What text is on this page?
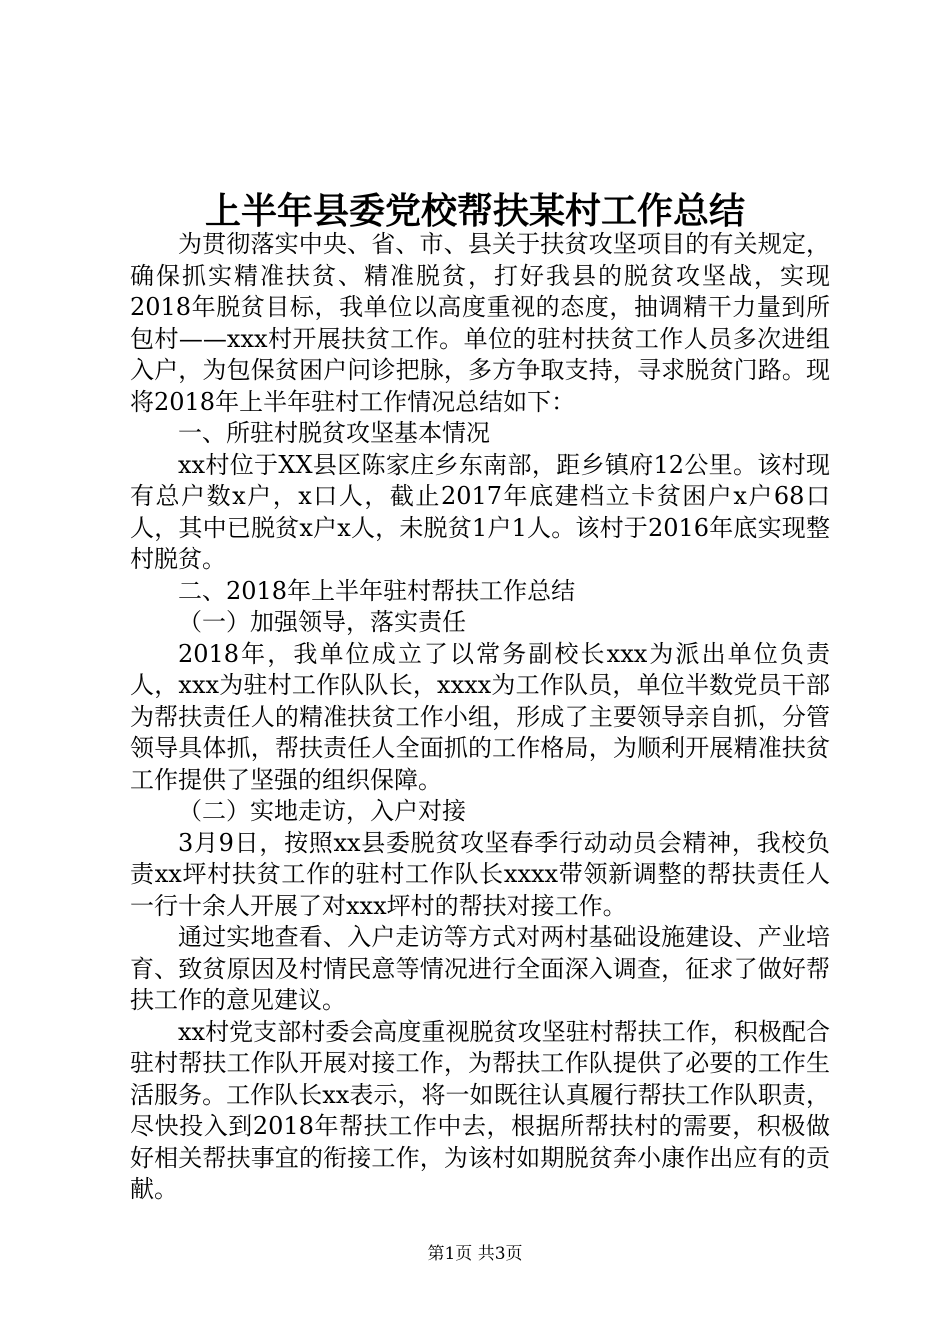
上半年县委党校帮扶某村工作总结

为贯彻落实中央、省、市、县关于扶贫攻坚项目的有关规定，确保抓实精准扶贫、精准脱贫，打好我县的脱贫攻坚战，实现2018年脱贫目标，我单位以高度重视的态度，抽调精干力量到所包村——xxx村开展扶贫工作。单位的驻村扶贫工作人员多次进组入户，为包保贫困户问诊把脉，多方争取支持，寻求脱贫门路。现将2018年上半年驻村工作情况总结如下：

一、所驻村脱贫攻坚基本情况

xx村位于XX县区陈家庄乡东南部，距乡镇府12公里。该村现有总户数x户，x口人，截止2017年底建档立卡贫困户x户68口人，其中已脱贫x户x人，未脱贫1户1人。该村于2016年底实现整村脱贫。

二、2018年上半年驻村帮扶工作总结

（一）加强领导，落实责任

2018年，我单位成立了以常务副校长xxx为派出单位负责人，xxx为驻村工作队队长，xxxx为工作队员，单位半数党员干部为帮扶责任人的精准扶贫工作小组，形成了主要领导亲自抓，分管领导具体抓，帮扶责任人全面抓的工作格局，为顺利开展精准扶贫工作提供了坚强的组织保障。

（二）实地走访，入户对接

3月9日，按照xx县委脱贫攻坚春季行动动员会精神，我校负责xx坪村扶贫工作的驻村工作队长xxxx带领新调整的帮扶责任人一行十余人开展了对xxx坪村的帮扶对接工作。

通过实地查看、入户走访等方式对两村基础设施建设、产业培育、致贫原因及村情民意等情况进行全面深入调查，征求了做好帮扶工作的意见建议。

xx村党支部村委会高度重视脱贫攻坚驻村帮扶工作，积极配合驻村帮扶工作队开展对接工作，为帮扶工作队提供了必要的工作生活服务。工作队长xx表示，将一如既往认真履行帮扶工作队职责，尽快投入到2018年帮扶工作中去，根据所帮扶村的需要，积极做好相关帮扶事宜的衔接工作，为该村如期脱贫奔小康作出应有的贡献。

第1页 共3页
